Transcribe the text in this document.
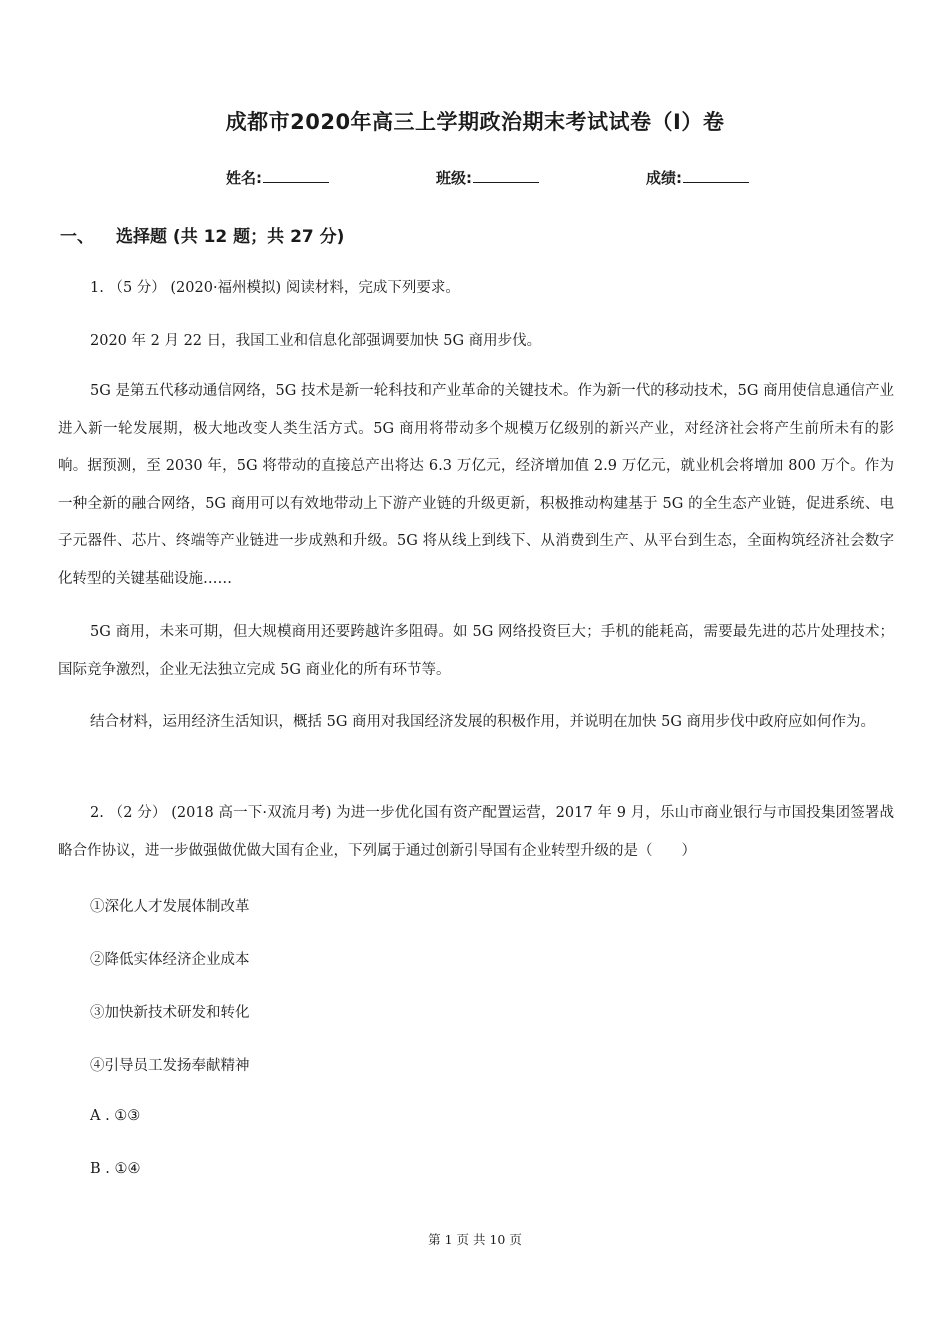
成都市2020年高三上学期政治期末考试试卷（I）卷
姓名:	班级:	成绩:
一、 选择题 (共 12 题；共 27 分)

1. （5 分） (2020·福州模拟) 阅读材料，完成下列要求。

2020 年 2 月 22 日，我国工业和信息化部强调要加快 5G 商用步伐。

5G 是第五代移动通信网络，5G 技术是新一轮科技和产业革命的关键技术。作为新一代的移动技术，5G 商用使信息通信产业进入新一轮发展期，极大地改变人类生活方式。5G 商用将带动多个规模万亿级别的新兴产业，对经济社会将产生前所未有的影响。据预测，至 2030 年，5G 将带动的直接总产出将达 6.3 万亿元，经济增加值 2.9 万亿元，就业机会将增加 800 万个。作为一种全新的融合网络，5G 商用可以有效地带动上下游产业链的升级更新，积极推动构建基于 5G 的全生态产业链，促进系统、电子元器件、芯片、终端等产业链进一步成熟和升级。5G 将从线上到线下、从消费到生产、从平台到生态，全面构筑经济社会数字化转型的关键基础设施……

5G 商用，未来可期，但大规模商用还要跨越许多阻碍。如 5G 网络投资巨大；手机的能耗高，需要最先进的芯片处理技术；国际竞争激烈，企业无法独立完成 5G 商业化的所有环节等。

结合材料，运用经济生活知识，概括 5G 商用对我国经济发展的积极作用，并说明在加快 5G 商用步伐中政府应如何作为。

2. （2 分） (2018 高一下·双流月考) 为进一步优化国有资产配置运营，2017 年 9 月，乐山市商业银行与市国投集团签署战略合作协议，进一步做强做优做大国有企业，下列属于通过创新引导国有企业转型升级的是（　　）

①深化人才发展体制改革

②降低实体经济企业成本

③加快新技术研发和转化

④引导员工发扬奉献精神

A . ①③

B . ①④

第 1 页 共 10 页
